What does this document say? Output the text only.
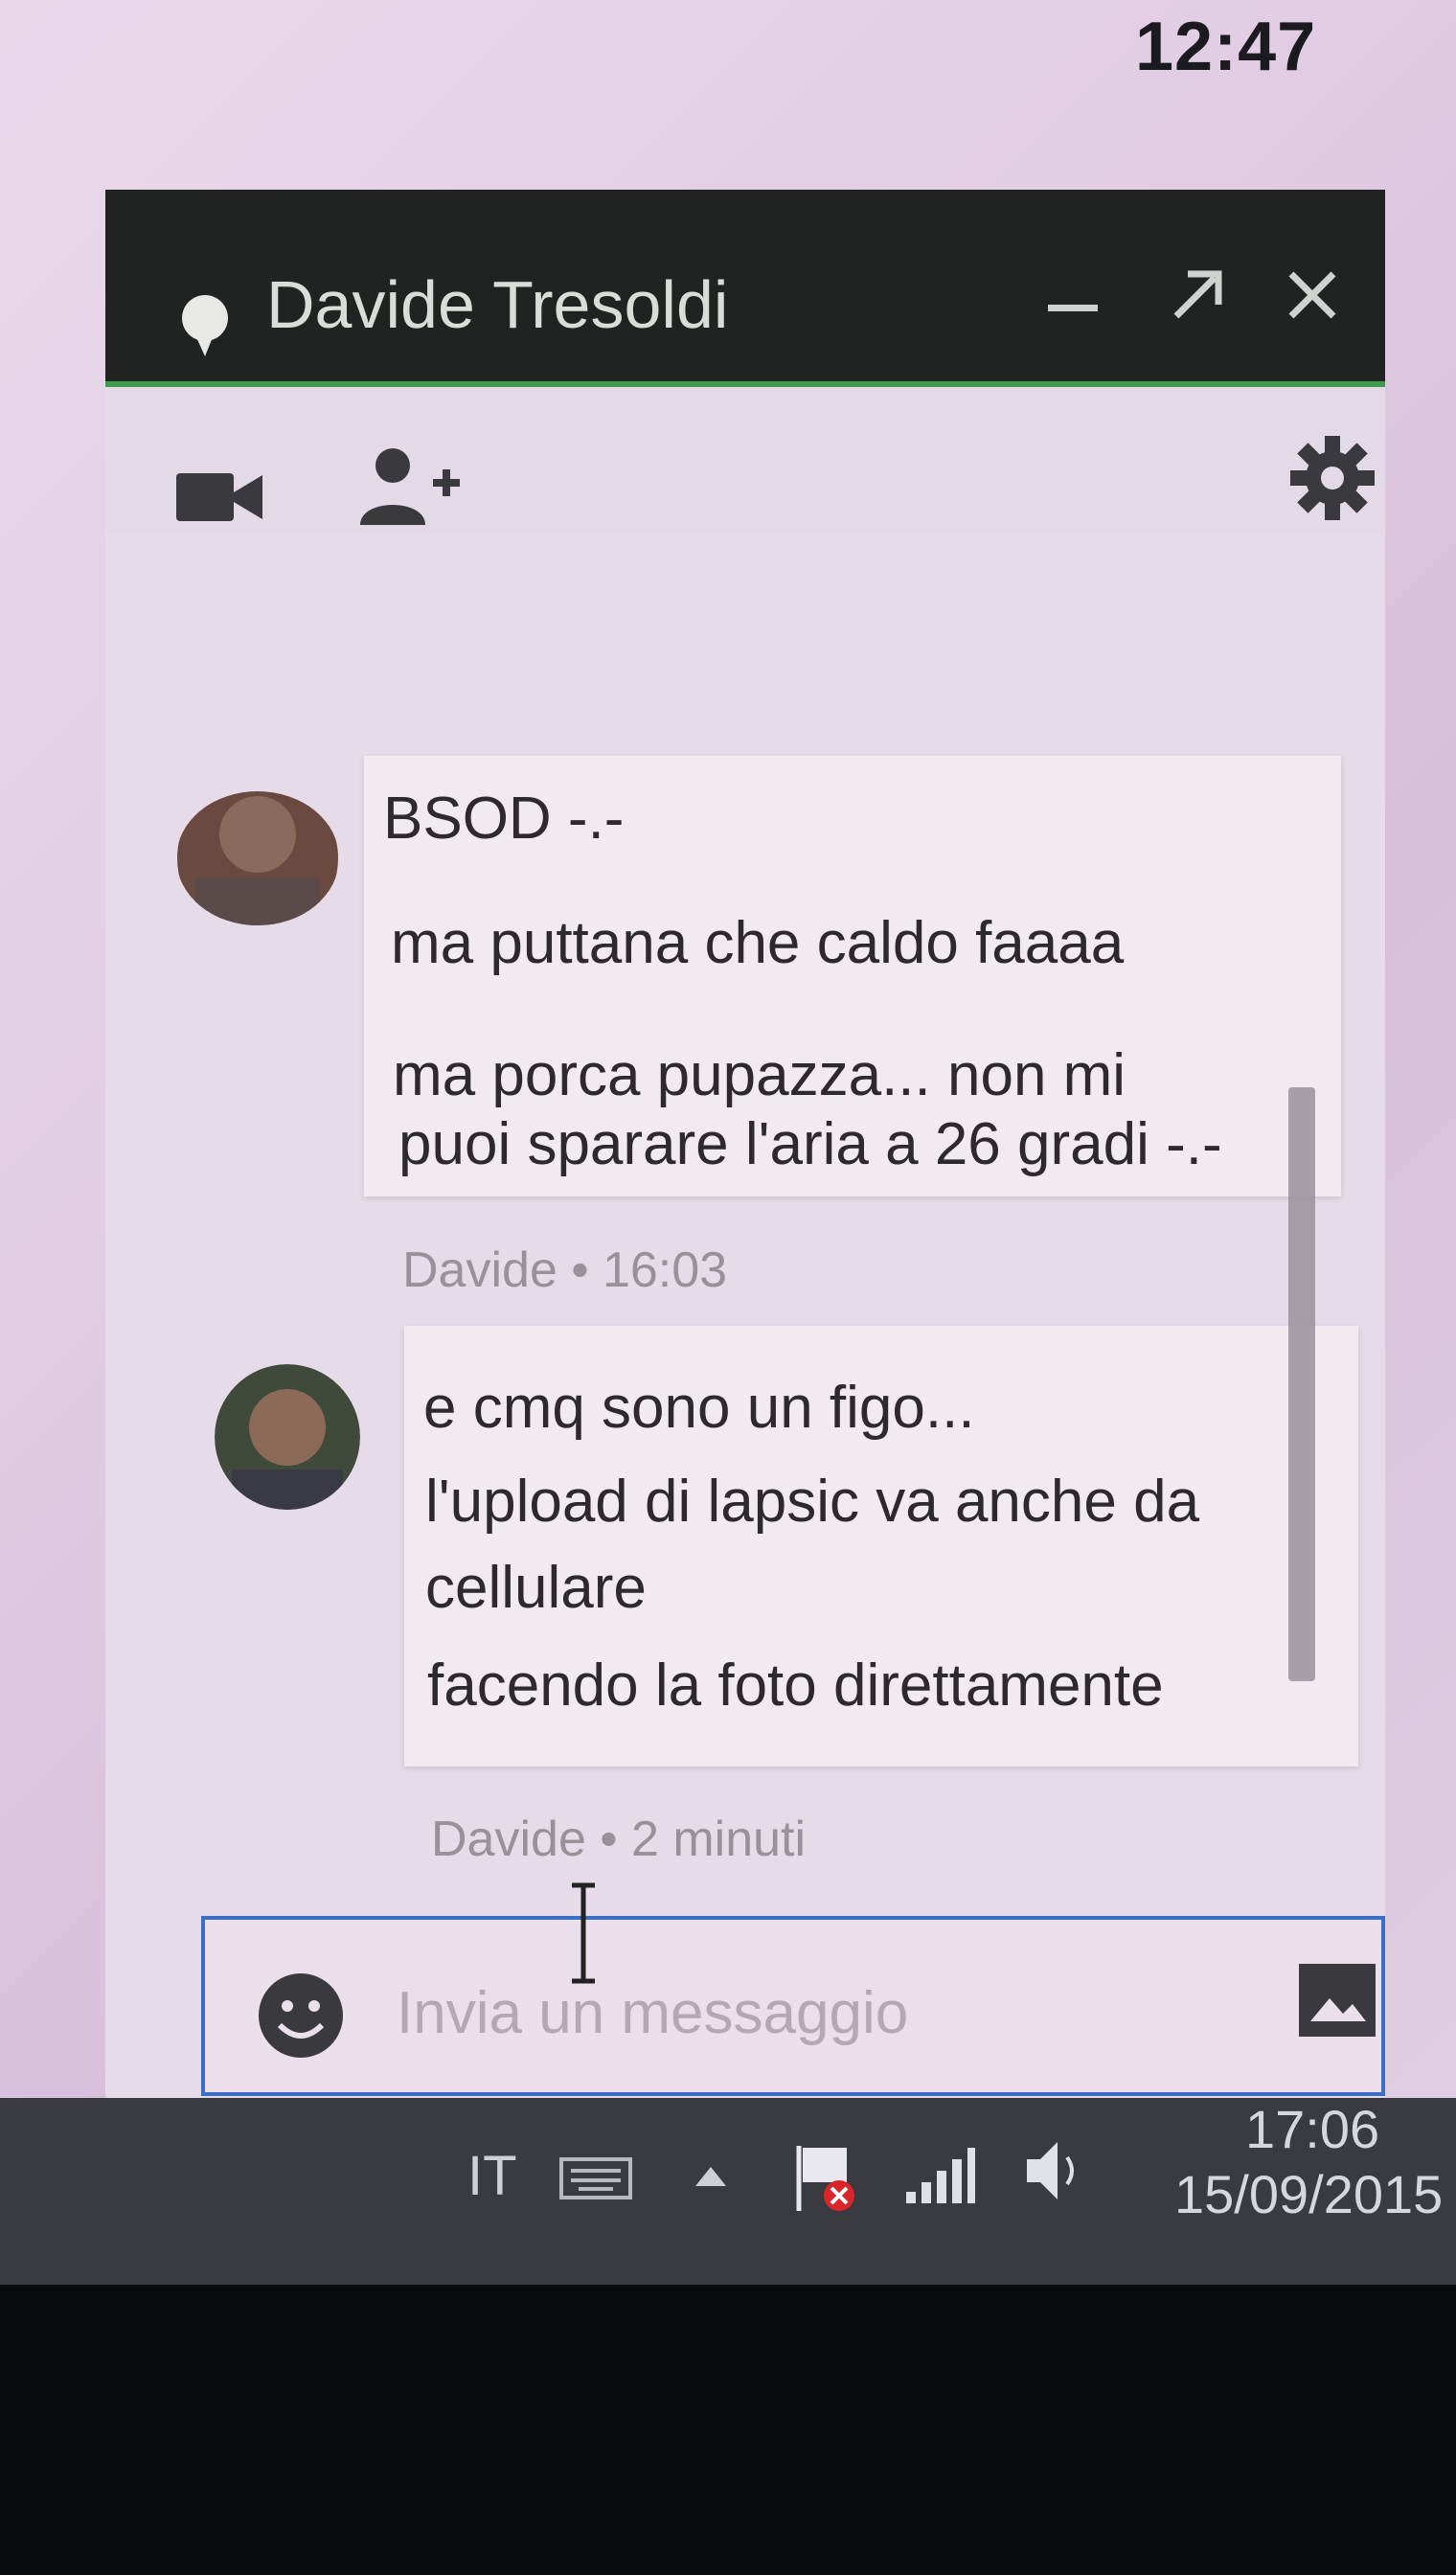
12:47
Davide Tresoldi
BSOD -.-
ma puttana che caldo faaaa
ma porca pupazza... non mi
puoi sparare l'aria a 26 gradi -.-
Davide • 16:03
e cmq sono un figo...
l'upload di lapsic va anche da
cellulare
facendo la foto direttamente
Davide • 2 minuti
Invia un messaggio
IT
17:06
15/09/2015
